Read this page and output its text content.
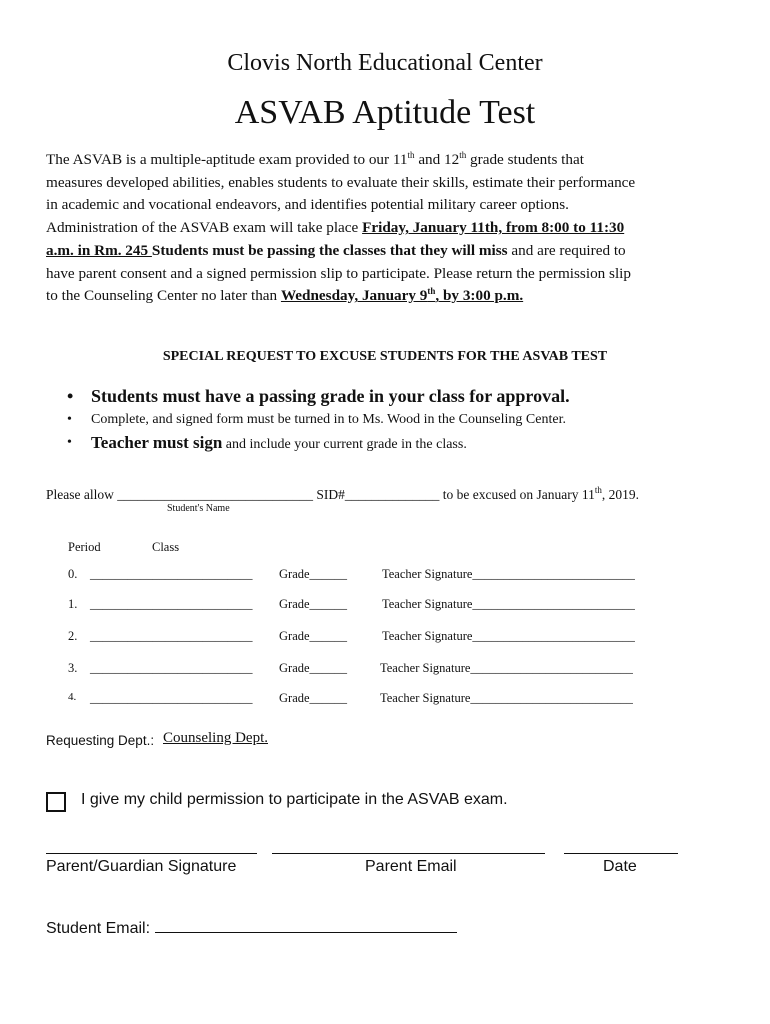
Clovis North Educational Center
ASVAB Aptitude Test
The ASVAB is a multiple-aptitude exam provided to our 11th and 12th grade students that
measures developed abilities, enables students to evaluate their skills, estimate their performance
in academic and vocational endeavors, and identifies potential military career options.
Administration of the ASVAB exam will take place Friday, January 11th, from 8:00 to 11:30
a.m. in Rm. 245 Students must be passing the classes that they will miss and are required to
have parent consent and a signed permission slip to participate. Please return the permission slip
to the Counseling Center no later than Wednesday, January 9th, by 3:00 p.m.
SPECIAL REQUEST TO EXCUSE STUDENTS FOR THE ASVAB TEST
• Students must have a passing grade in your class for approval.
• Complete, and signed form must be turned in to Ms. Wood in the Counseling Center.
• Teacher must sign and include your current grade in the class.
Please allow _____________________________ SID#______________ to be excused on January 11th, 2019.
Student's Name
Period	Class
0. __________________________ Grade______	Teacher Signature__________________________
1. __________________________ Grade______	Teacher Signature__________________________
2. __________________________ Grade______	Teacher Signature__________________________
3. __________________________ Grade______	Teacher Signature__________________________
4. __________________________ Grade______	Teacher Signature__________________________
Requesting Dept.: Counseling Dept.
I give my child permission to participate in the ASVAB exam.
Parent/Guardian Signature	Parent Email	Date
Student Email:
